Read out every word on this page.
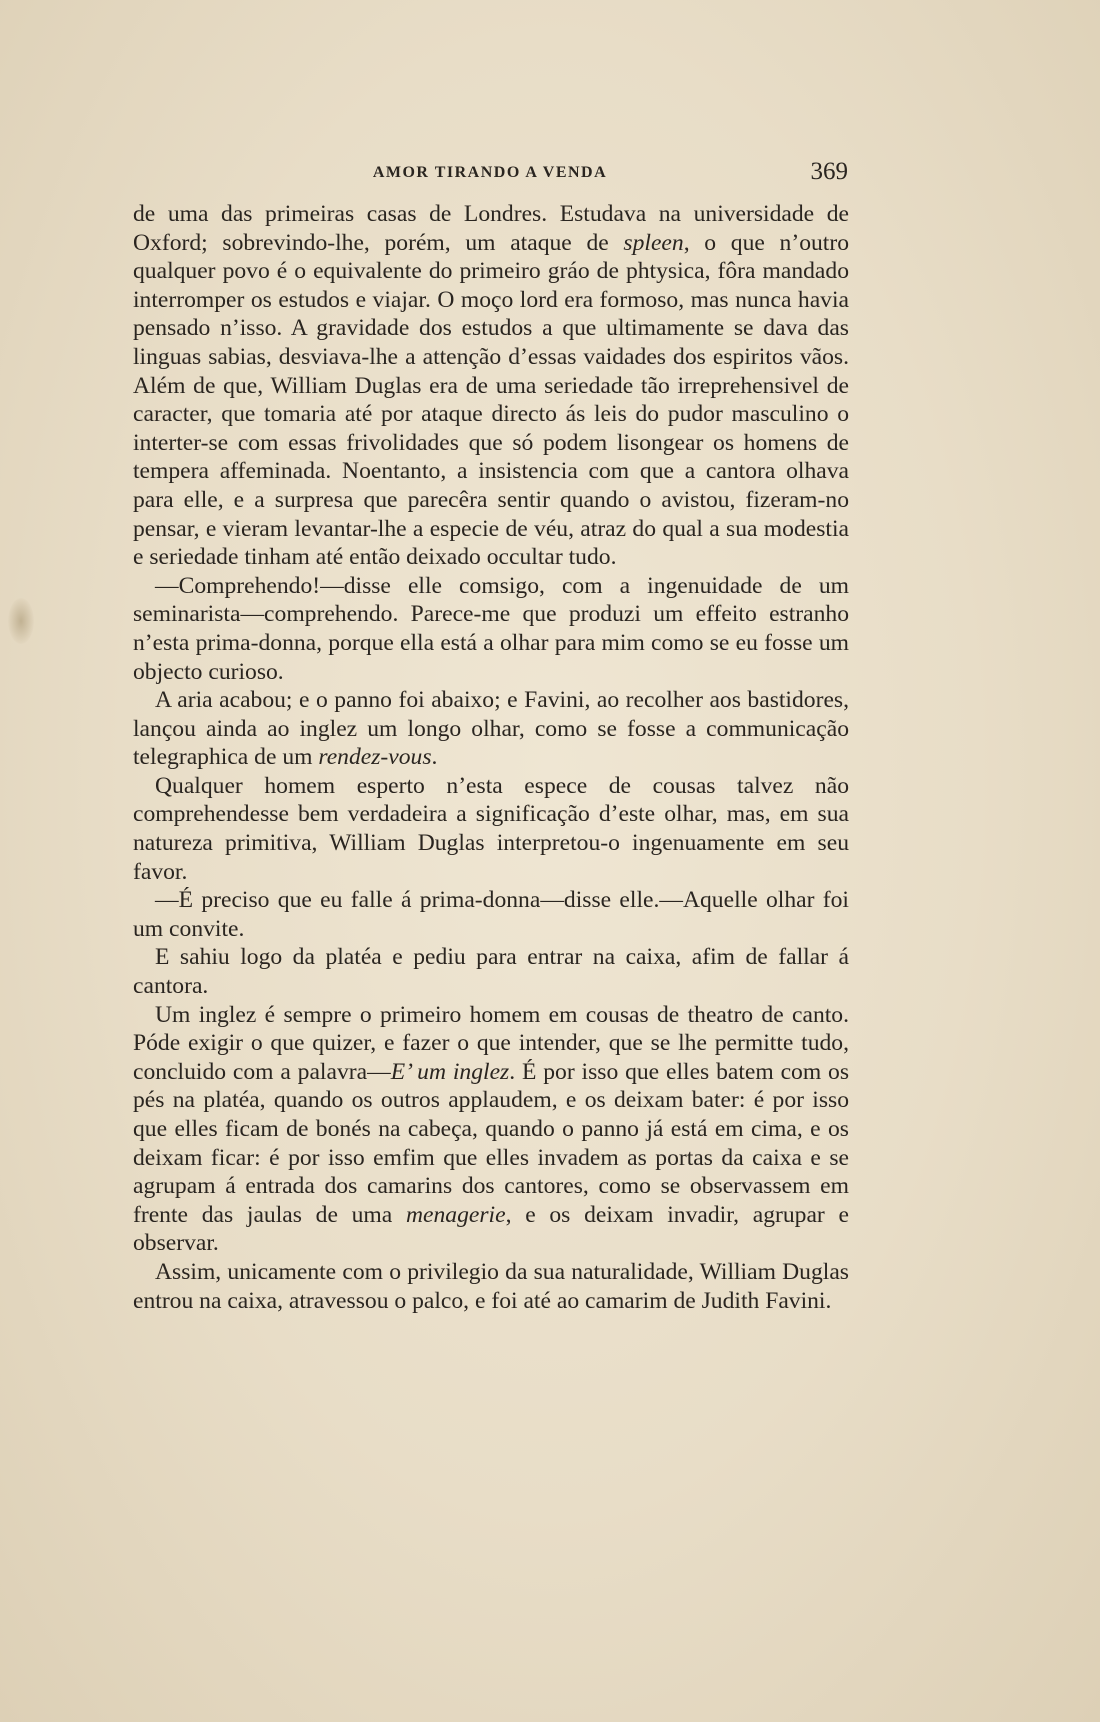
AMOR TIRANDO A VENDA	369

de uma das primeiras casas de Londres. Estudava na universidade de Oxford; sobrevindo-lhe, porém, um ataque de spleen, o que n’outro qualquer povo é o equivalente do primeiro gráo de phtysica, fôra mandado interromper os estudos e viajar. O moço lord era formoso, mas nunca havia pensado n’isso. A gravidade dos estudos a que ultimamente se dava das linguas sabias, desviava-lhe a attenção d’essas vaidades dos espiritos vãos. Além de que, William Duglas era de uma seriedade tão irreprehensivel de caracter, que tomaria até por ataque directo ás leis do pudor masculino o interter-se com essas frivolidades que só podem lisongear os homens de tempera affeminada. Noentanto, a insistencia com que a cantora olhava para elle, e a surpresa que parecêra sentir quando o avistou, fizeram-no pensar, e vieram levantar-lhe a especie de véu, atraz do qual a sua modestia e seriedade tinham até então deixado occultar tudo.

—Comprehendo!—disse elle comsigo, com a ingenuidade de um seminarista—comprehendo. Parece-me que produzi um effeito estranho n’esta prima-donna, porque ella está a olhar para mim como se eu fosse um objecto curioso.

A aria acabou; e o panno foi abaixo; e Favini, ao recolher aos bastidores, lançou ainda ao inglez um longo olhar, como se fosse a communicação telegraphica de um rendez-vous.

Qualquer homem esperto n’esta espece de cousas talvez não comprehendesse bem verdadeira a significação d’este olhar, mas, em sua natureza primitiva, William Duglas interpretou-o ingenuamente em seu favor.

—É preciso que eu falle á prima-donna—disse elle.—Aquelle olhar foi um convite.

E sahiu logo da platéa e pediu para entrar na caixa, afim de fallar á cantora.

Um inglez é sempre o primeiro homem em cousas de theatro de canto. Póde exigir o que quizer, e fazer o que intender, que se lhe permitte tudo, concluido com a palavra—E’ um inglez. É por isso que elles batem com os pés na platéa, quando os outros applaudem, e os deixam bater: é por isso que elles ficam de bonés na cabeça, quando o panno já está em cima, e os deixam ficar: é por isso emfim que elles invadem as portas da caixa e se agrupam á entrada dos camarins dos cantores, como se observassem em frente das jaulas de uma menagerie, e os deixam invadir, agrupar e observar.

Assim, unicamente com o privilegio da sua naturalidade, William Duglas entrou na caixa, atravessou o palco, e foi até ao camarim de Judith Favini.
